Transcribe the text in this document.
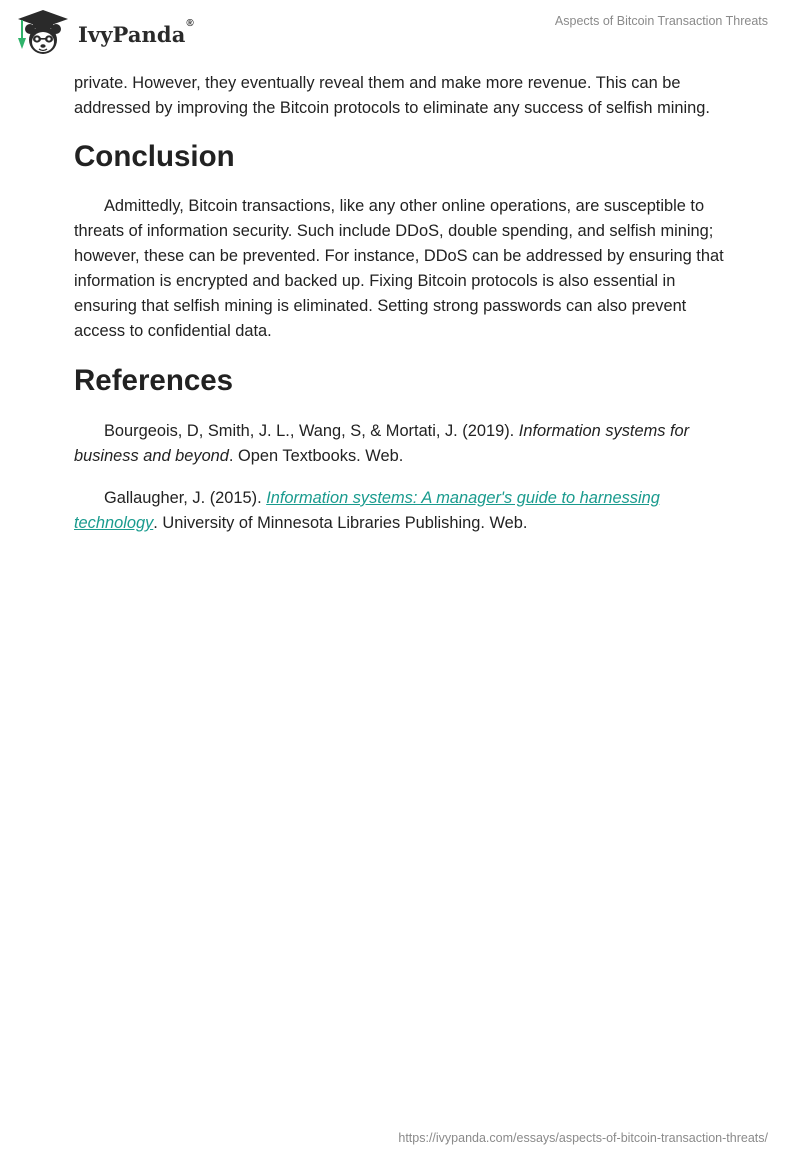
IvyPanda®	Aspects of Bitcoin Transaction Threats

private. However, they eventually reveal them and make more revenue. This can be addressed by improving the Bitcoin protocols to eliminate any success of selfish mining.

Conclusion

Admittedly, Bitcoin transactions, like any other online operations, are susceptible to threats of information security. Such include DDoS, double spending, and selfish mining; however, these can be prevented. For instance, DDoS can be addressed by ensuring that information is encrypted and backed up. Fixing Bitcoin protocols is also essential in ensuring that selfish mining is eliminated. Setting strong passwords can also prevent access to confidential data.

References

Bourgeois, D, Smith, J. L., Wang, S, & Mortati, J. (2019). Information systems for business and beyond. Open Textbooks. Web.

Gallaugher, J. (2015). Information systems: A manager's guide to harnessing technology. University of Minnesota Libraries Publishing. Web.

https://ivypanda.com/essays/aspects-of-bitcoin-transaction-threats/
